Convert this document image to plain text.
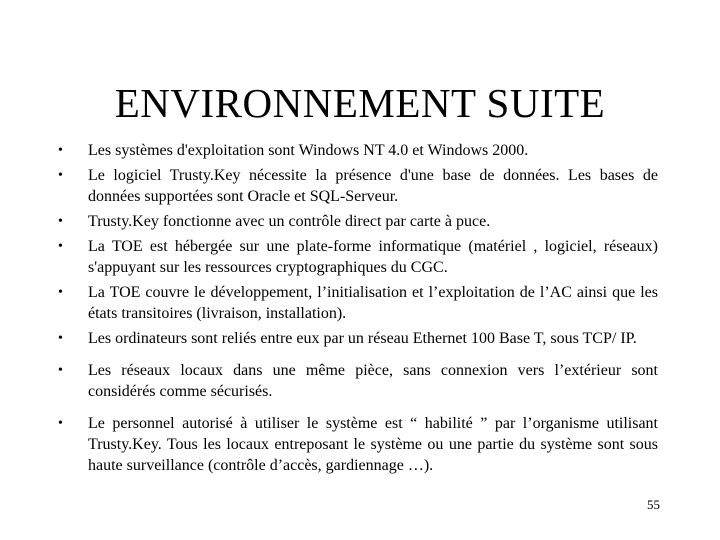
ENVIRONNEMENT SUITE
•	Les systèmes d'exploitation sont Windows NT 4.0 et Windows 2000.
•	Le logiciel Trusty.Key nécessite la présence d'une base de données. Les bases de données supportées sont Oracle et SQL-Serveur.
•	Trusty.Key fonctionne avec un contrôle direct par carte à puce.
•	La TOE est hébergée sur une plate-forme informatique (matériel , logiciel, réseaux) s'appuyant sur les ressources cryptographiques du CGC.
•	La TOE couvre le développement, l’initialisation et l’exploitation de l’AC ainsi que les états transitoires (livraison, installation).
•	Les ordinateurs sont reliés entre eux par un réseau Ethernet 100 Base T, sous TCP/ IP.
•	Les réseaux locaux dans une même pièce, sans connexion vers l’extérieur sont considérés comme sécurisés.
•	Le personnel autorisé à utiliser le système est “ habilité ” par l’organisme utilisant Trusty.Key. Tous les locaux entreposant le système ou une partie du système sont sous haute surveillance (contrôle d’accès, gardiennage …).
55
